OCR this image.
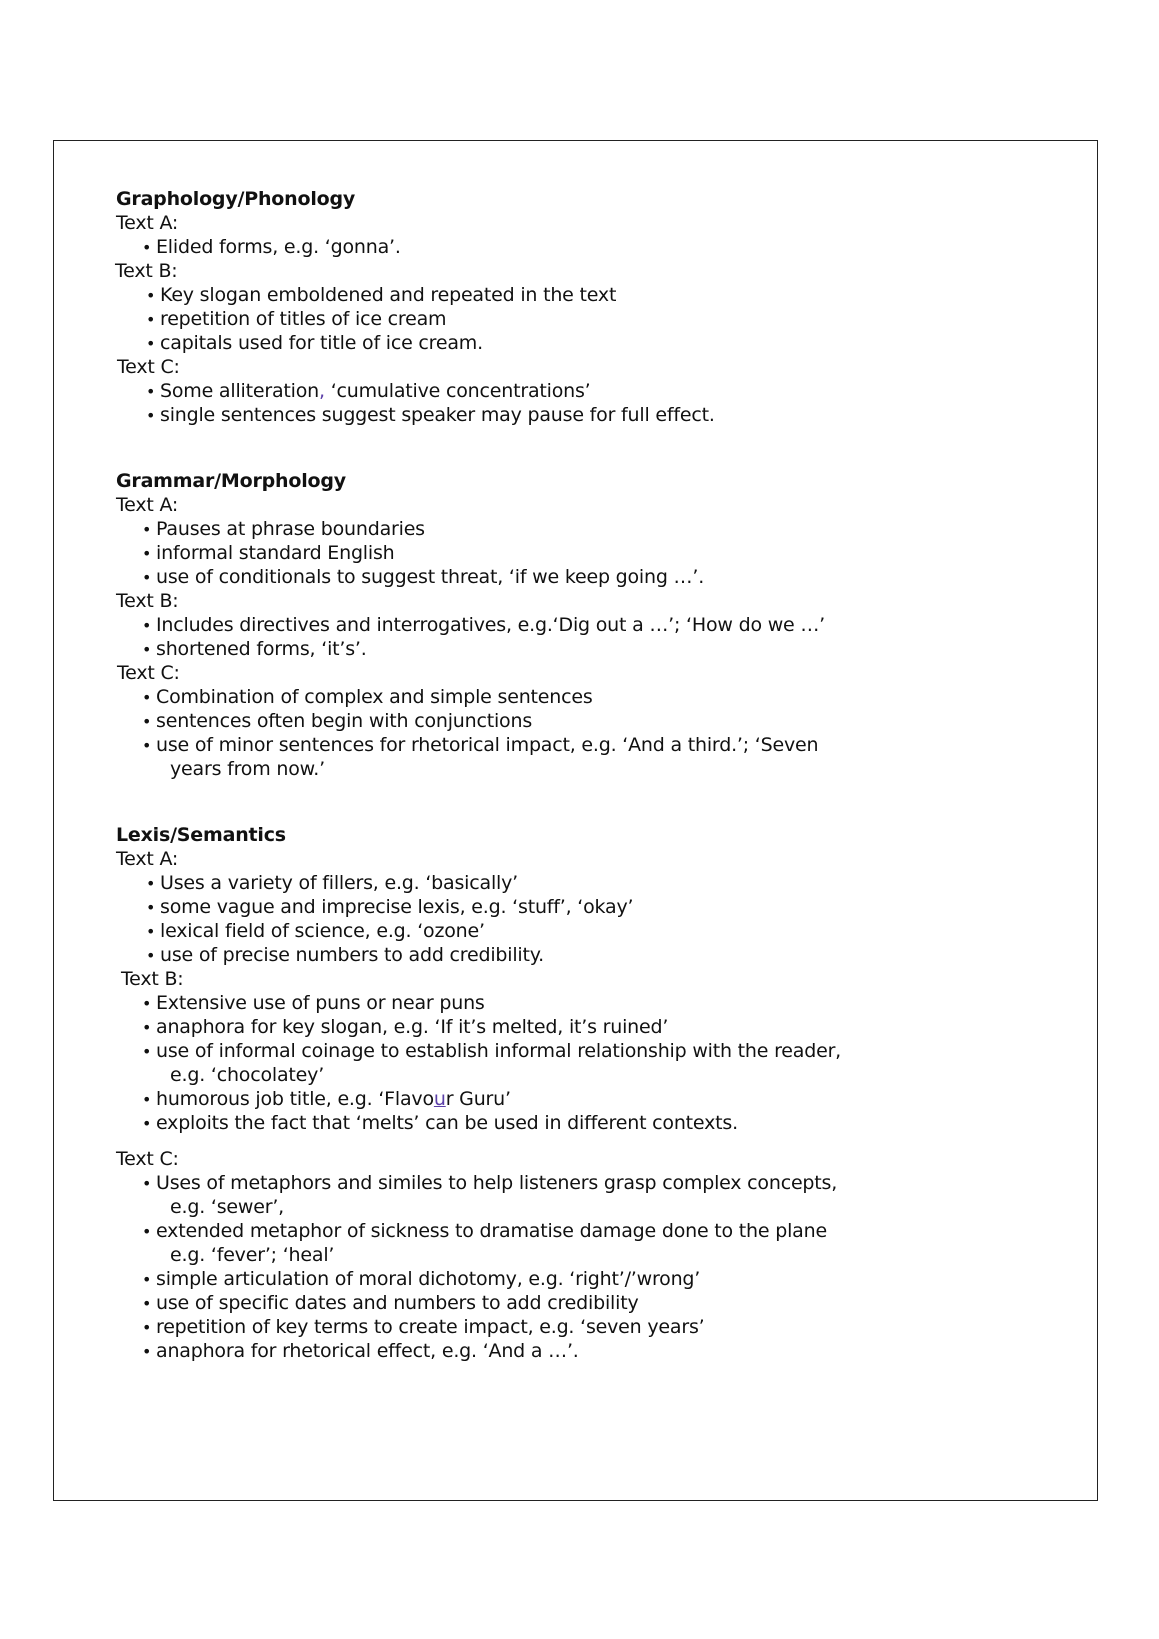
Graphology/Phonology
Text A:
• Elided forms, e.g. ‘gonna’.
Text B:
• Key slogan emboldened and repeated in the text
• repetition of titles of ice cream
• capitals used for title of ice cream.
Text C:
• Some alliteration, ‘cumulative concentrations’
• single sentences suggest speaker may pause for full effect.
Grammar/Morphology
Text A:
• Pauses at phrase boundaries
• informal standard English
• use of conditionals to suggest threat, ‘if we keep going …’.
Text B:
• Includes directives and interrogatives, e.g.‘Dig out a …’; ‘How do we …’
• shortened forms, ‘it’s’.
Text C:
• Combination of complex and simple sentences
• sentences often begin with conjunctions
• use of minor sentences for rhetorical impact, e.g. ‘And a third.’; ‘Seven
years from now.’
Lexis/Semantics
Text A:
• Uses a variety of fillers, e.g. ‘basically’
• some vague and imprecise lexis, e.g. ‘stuff’, ‘okay’
• lexical field of science, e.g. ‘ozone’
• use of precise numbers to add credibility.
Text B:
• Extensive use of puns or near puns
• anaphora for key slogan, e.g. ‘If it’s melted, it’s ruined’
• use of informal coinage to establish informal relationship with the reader,
e.g. ‘chocolatey’
• humorous job title, e.g. ‘Flavour Guru’
• exploits the fact that ‘melts’ can be used in different contexts.
Text C:
• Uses of metaphors and similes to help listeners grasp complex concepts,
e.g. ‘sewer’,
• extended metaphor of sickness to dramatise damage done to the plane
e.g. ‘fever’; ‘heal’
• simple articulation of moral dichotomy, e.g. ‘right’/’wrong’
• use of specific dates and numbers to add credibility
• repetition of key terms to create impact, e.g. ‘seven years’
• anaphora for rhetorical effect, e.g. ‘And a …’.
